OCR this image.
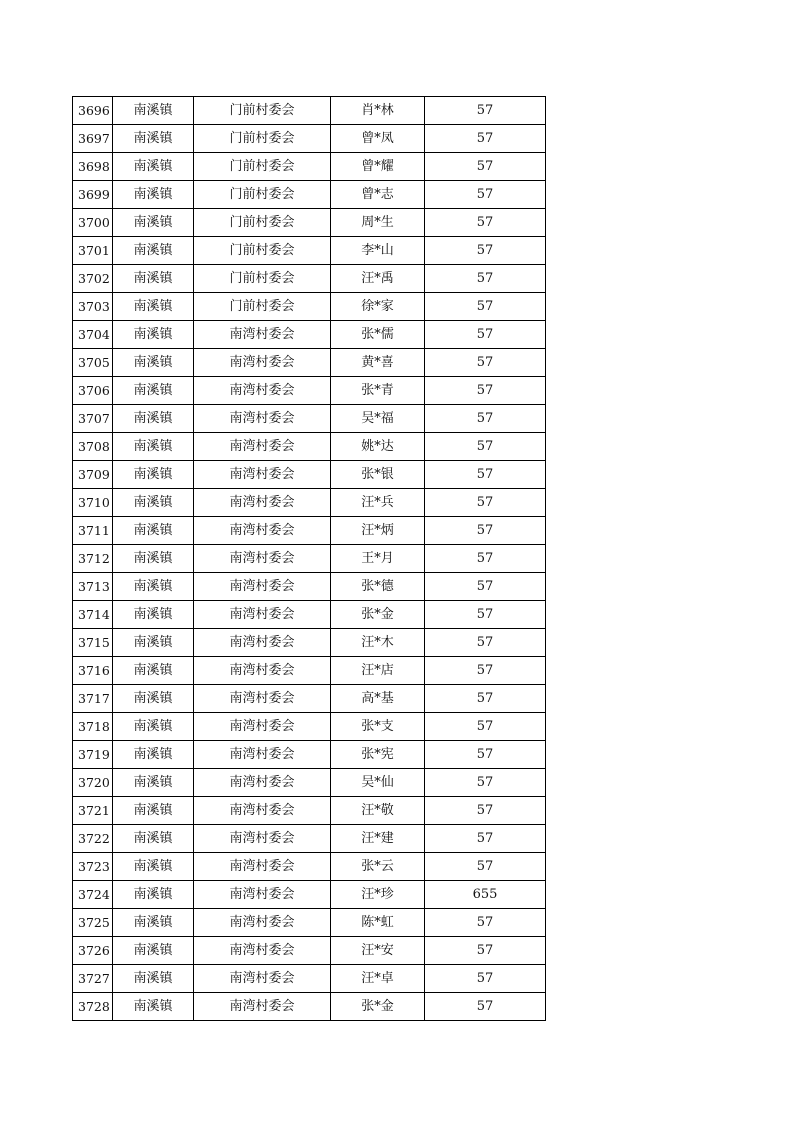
3696	南溪镇	门前村委会	肖*林	57
3697	南溪镇	门前村委会	曾*凤	57
3698	南溪镇	门前村委会	曾*耀	57
3699	南溪镇	门前村委会	曾*志	57
3700	南溪镇	门前村委会	周*生	57
3701	南溪镇	门前村委会	李*山	57
3702	南溪镇	门前村委会	汪*禹	57
3703	南溪镇	门前村委会	徐*家	57
3704	南溪镇	南湾村委会	张*儒	57
3705	南溪镇	南湾村委会	黄*喜	57
3706	南溪镇	南湾村委会	张*青	57
3707	南溪镇	南湾村委会	吴*福	57
3708	南溪镇	南湾村委会	姚*达	57
3709	南溪镇	南湾村委会	张*银	57
3710	南溪镇	南湾村委会	汪*兵	57
3711	南溪镇	南湾村委会	汪*炳	57
3712	南溪镇	南湾村委会	王*月	57
3713	南溪镇	南湾村委会	张*德	57
3714	南溪镇	南湾村委会	张*金	57
3715	南溪镇	南湾村委会	汪*木	57
3716	南溪镇	南湾村委会	汪*店	57
3717	南溪镇	南湾村委会	高*基	57
3718	南溪镇	南湾村委会	张*支	57
3719	南溪镇	南湾村委会	张*宪	57
3720	南溪镇	南湾村委会	吴*仙	57
3721	南溪镇	南湾村委会	汪*敬	57
3722	南溪镇	南湾村委会	汪*建	57
3723	南溪镇	南湾村委会	张*云	57
3724	南溪镇	南湾村委会	汪*珍	655
3725	南溪镇	南湾村委会	陈*虹	57
3726	南溪镇	南湾村委会	汪*安	57
3727	南溪镇	南湾村委会	汪*卓	57
3728	南溪镇	南湾村委会	张*金	57
